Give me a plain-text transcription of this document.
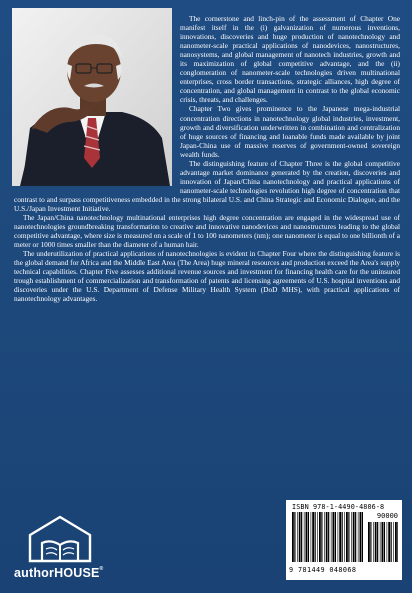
The cornerstone and linch-pin of the assessment of Chapter One manifest itself in the (i) galvanization of numerous inventions, innovations, discoveries and huge production of nanotechnology and nanometer-scale practical applications of nanodevices, nanostructures, nanosystems, and global management of nanotech industries, growth and its maximization of global competitive advantage, and the (ii) conglomeration of nanometer-scale technologies driven multinational enterprises, cross border transactions, strategic alliances, high degree of concentration, and global management in contrast to the global economic crisis, threats, and challenges.

Chapter Two gives prominence to the Japanese mega-industrial concentration directions in nanotechnology global industries, investment, growth and diversification underwritten in combination and centralization of huge sources of financing and loanable funds made available by joint Japan-China use of massive reserves of government-owned sovereign wealth funds.

The distinguishing feature of Chapter Three is the global competitive advantage market dominance generated by the creation, discoveries and innovation of Japan/China nanotechnology and practical applications of nanometer-scale technologies revolution high degree of concentration that contrast to and surpass competitiveness embedded in the strong bilateral U.S. and China Strategic and Economic Dialogue, and the U.S./Japan Investment Initiative.

The Japan/China nanotechnology multinational enterprises high degree concentration are engaged in the widespread use of nanotechnologies groundbreaking transformation to creative and innovative nanodevices and nanostructures leading to the global competitive advantage, where size is measured on a scale of 1 to 100 nanometers (nm); one nanometer is equal to one billionth of a meter or 1000 times smaller than the diameter of a human hair.

The underutilization of practical applications of nanotechnologies is evident in Chapter Four where the distinguishing feature is the global demand for Africa and the Middle East Area (The Area) huge mineral resources and production exceed the Area's supply technical capabilities. Chapter Five assesses additional revenue sources and investment for financing health care for the uninsured trough establishment of commercialization and transformation of patents and licensing agreements of U.S. hospital inventions and discoveries under the U.S. Department of Defense Military Health System (DoD MHS), with practical applications of nanotechnology advantages.

authorHOUSE®
ISBN 978-1-4490-4806-8
90000
9 781449 048068
